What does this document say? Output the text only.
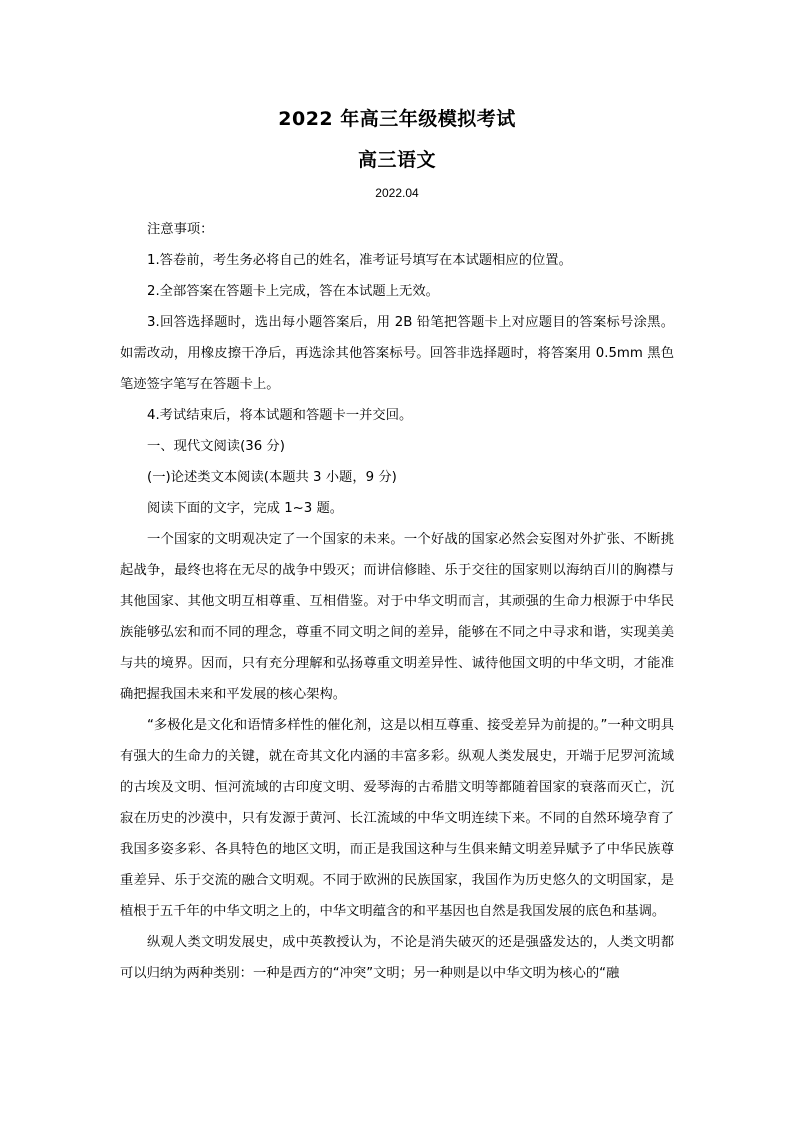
2022 年高三年级模拟考试
高三语文
2022.04

注意事项：

1.答卷前，考生务必将自己的姓名，准考证号填写在本试题相应的位置。

2.全部答案在答题卡上完成，答在本试题上无效。

3.回答选择题时，选出每小题答案后，用 2B 铅笔把答题卡上对应题目的答案标号涂黑。如需改动，用橡皮擦干净后，再选涂其他答案标号。回答非选择题时，将答案用 0.5mm 黑色笔迹签字笔写在答题卡上。

4.考试结束后，将本试题和答题卡一并交回。

一、现代文阅读(36 分)

(一)论述类文本阅读(本题共 3 小题，9 分)

阅读下面的文字，完成 1~3 题。

一个国家的文明观决定了一个国家的未来。一个好战的国家必然会妄图对外扩张、不断挑起战争，最终也将在无尽的战争中毁灭；而讲信修睦、乐于交往的国家则以海纳百川的胸襟与其他国家、其他文明互相尊重、互相借鉴。对于中华文明而言，其顽强的生命力根源于中华民族能够弘宏和而不同的理念，尊重不同文明之间的差异，能够在不同之中寻求和谐，实现美美与共的境界。因而，只有充分理解和弘扬尊重文明差异性、诚待他国文明的中华文明，才能准确把握我国未来和平发展的核心架构。

“多极化是文化和语情多样性的催化剂，这是以相互尊重、接受差异为前提的。”一种文明具有强大的生命力的关键，就在奇其文化内涵的丰富多彩。纵观人类发展史，开端于尼罗河流域的古埃及文明、恒河流域的古印度文明、爱琴海的古希腊文明等都随着国家的衰落而灭亡，沉寂在历史的沙漠中，只有发源于黄河、长江流域的中华文明连续下来。不同的自然环境孕育了我国多姿多彩、各具特色的地区文明，而正是我国这种与生俱来鲭文明差异赋予了中华民族尊重差异、乐于交流的融合文明观。不同于欧洲的民族国家，我国作为历史悠久的文明国家，是植根于五千年的中华文明之上的，中华文明蕴含的和平基因也自然是我国发展的底色和基调。

纵观人类文明发展史，成中英教授认为，不论是消失破灭的还是强盛发达的，人类文明都可以归纳为两种类别：一种是西方的“冲突”文明；另一种则是以中华文明为核心的“融
